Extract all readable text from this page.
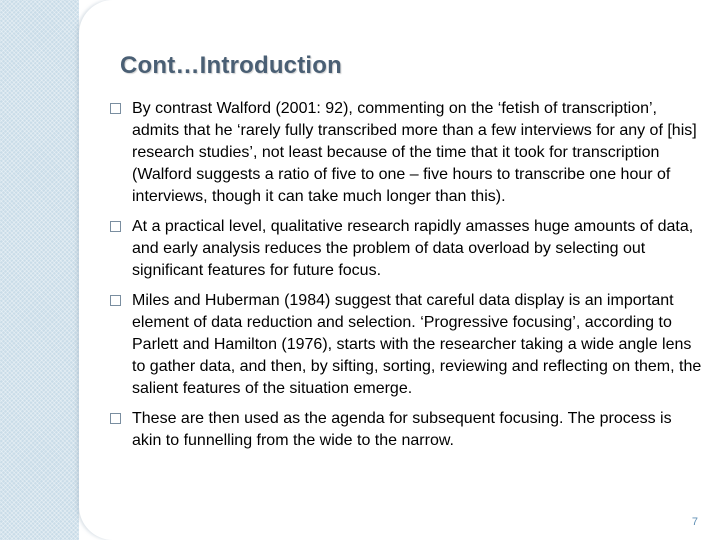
Cont…Introduction
By contrast Walford (2001: 92), commenting on the ‘fetish of transcription’, admits that he ‘rarely fully transcribed more than a few interviews for any of [his] research studies’, not least because of the time that it took for transcription (Walford suggests a ratio of five to one – five hours to transcribe one hour of interviews, though it can take much longer than this).
At a practical level, qualitative research rapidly amasses huge amounts of data, and early analysis reduces the problem of data overload by selecting out significant features for future focus.
Miles and Huberman (1984) suggest that careful data display is an important element of data reduction and selection. ‘Progressive focusing’, according to Parlett and Hamilton (1976), starts with the researcher taking a wide angle lens to gather data, and then, by sifting, sorting, reviewing and reflecting on them, the salient features of the situation emerge.
These are then used as the agenda for subsequent focusing. The process is akin to funnelling from the wide to the narrow.
7
